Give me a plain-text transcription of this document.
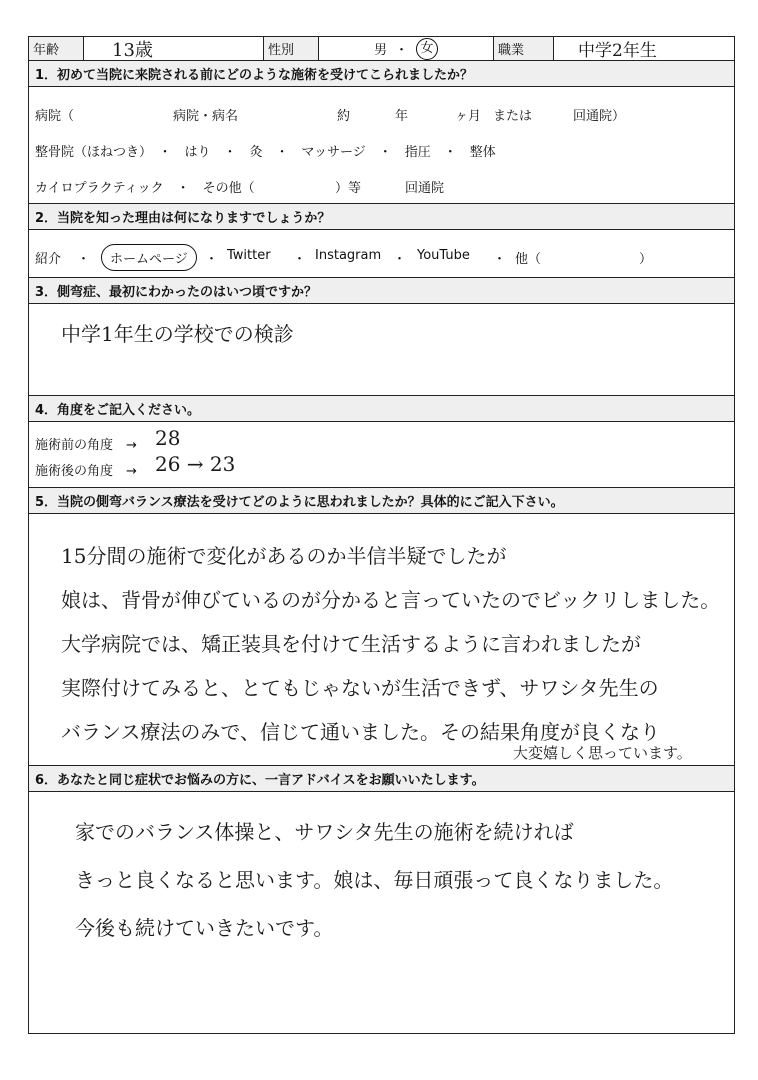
年齢	13歳	性別	男 ・ 女	職業	中学2年生
1．初めて当院に来院される前にどのような施術を受けてこられましたか？
病院（	病院・病名	約	年	ヶ月 または	回通院）
整骨院（ほねつき）　・　はり　・　灸　・　マッサージ　・　指圧　・　整体
カイロプラクティック　・　その他（	）等	回通院
2．当院を知った理由は何になりますでしょうか？
紹介 ・	ホームページ	・ Twitter ・ Instagram ・ YouTube ・ 他（	）
3．側弯症、最初にわかったのはいつ頃ですか？
中学1年生の学校での検診
4．角度をご記入ください。
施術前の角度　→ 28
施術後の角度　→ 26 → 23
5．当院の側弯バランス療法を受けてどのように思われましたか？具体的にご記入下さい。
15分間の施術で変化があるのか半信半疑でしたが
娘は、背骨が伸びているのが分かると言っていたのでビックリしました。
大学病院では、矯正装具を付けて生活するように言われましたが
実際付けてみると、とてもじゃないが生活できず、サワシタ先生の
バランス療法のみで、信じて通いました。その結果角度が良くなり
大変嬉しく思っています。
6．あなたと同じ症状でお悩みの方に、一言アドバイスをお願いいたします。
家でのバランス体操と、サワシタ先生の施術を続ければ
きっと良くなると思います。娘は、毎日頑張って良くなりました。
今後も続けていきたいです。
